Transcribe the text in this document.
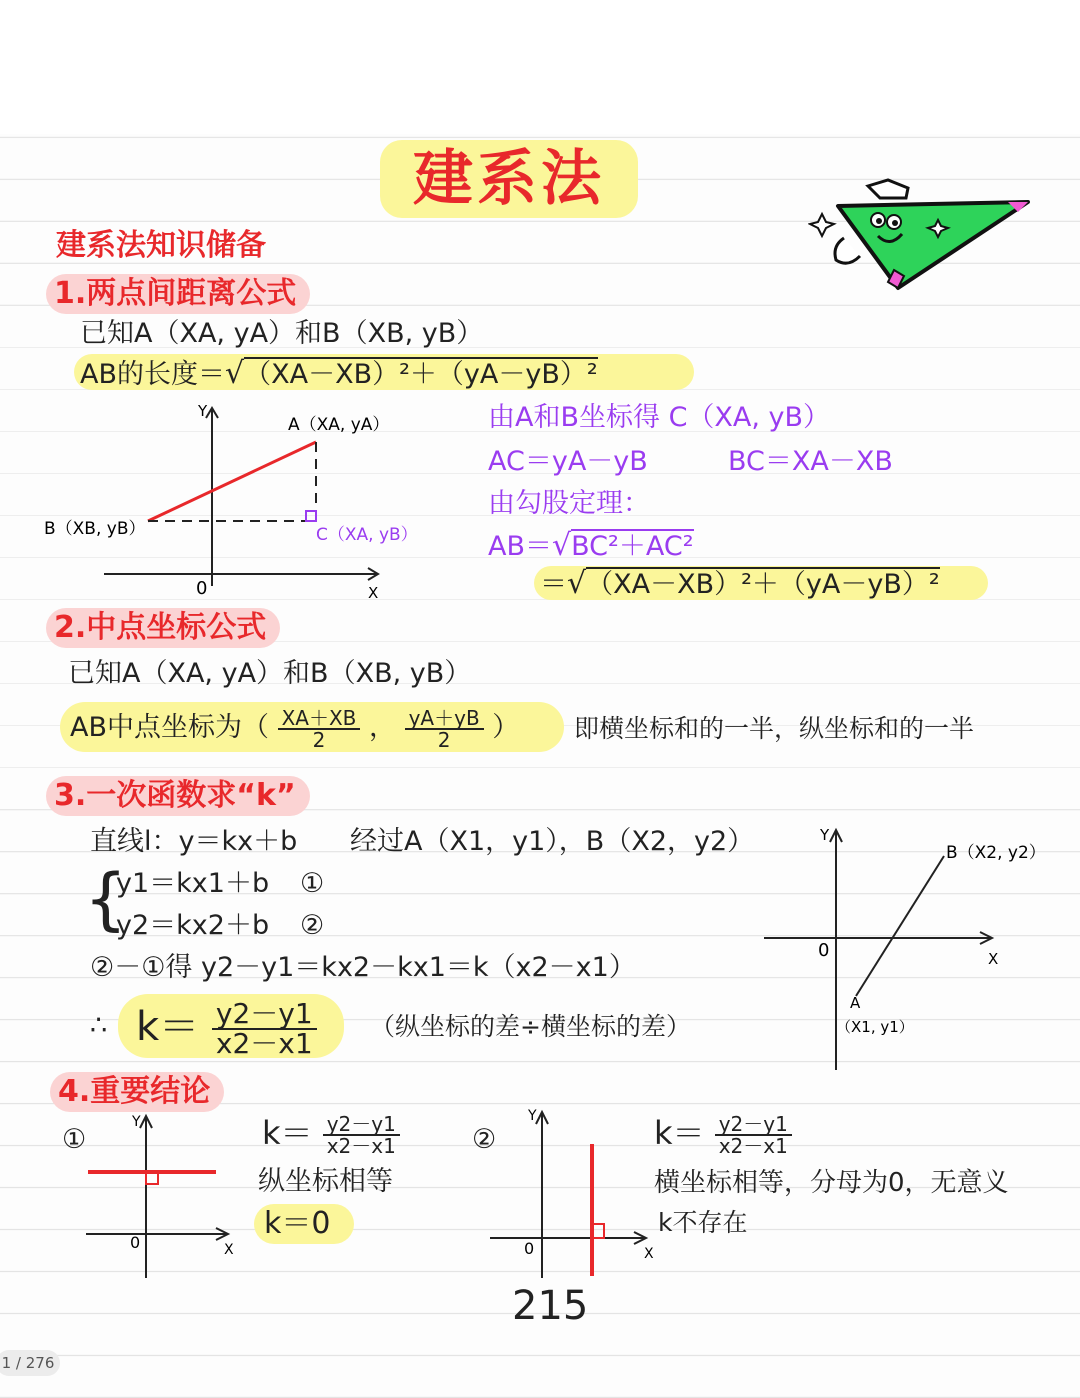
建系法
建系法知识储备
1.两点间距离公式
已知A（XA, yA）和B（XB, yB）
AB的长度＝√（XA－XB）²＋（yA－yB）²
Y
X
0
A（XA, yA）
B（XB, yB）	C（XA, yB）
由A和B坐标得 C（XA, yB）
AC＝yA－yB	BC＝XA－XB
由勾股定理：
AB＝√BC²＋AC²
＝√（XA－XB）²＋（yA－yB）²
2.中点坐标公式
已知A（XA, yA）和B（XB, yB）
AB中点坐标为（ $\frac{XA+XB}{2}$ ， $\frac{yA+yB}{2}$ ） 即横坐标和的一半，纵坐标和的一半
3.一次函数求“k”
直线l：y＝kx＋b 经过A（X1，y1），B（X2，y2）
{
y1＝kx1＋b ①
y2＝kx2＋b ②
②－①得 y2－y1＝kx2－kx1＝k（x2－x1）
∴ $k= \frac{y2-y1}{x2-x1}$ （纵坐标的差÷横坐标的差）
Y
X
0
A
（X1, y1）
B（X2, y2）
4.重要结论
①
Y
X
0
$k= \frac{y2-y1}{x2-x1}$
纵坐标相等
k＝0
②
Y
X
0
$k= \frac{y2-y1}{x2-x1}$
横坐标相等，分母为0，无意义
k不存在
215
1 / 276
